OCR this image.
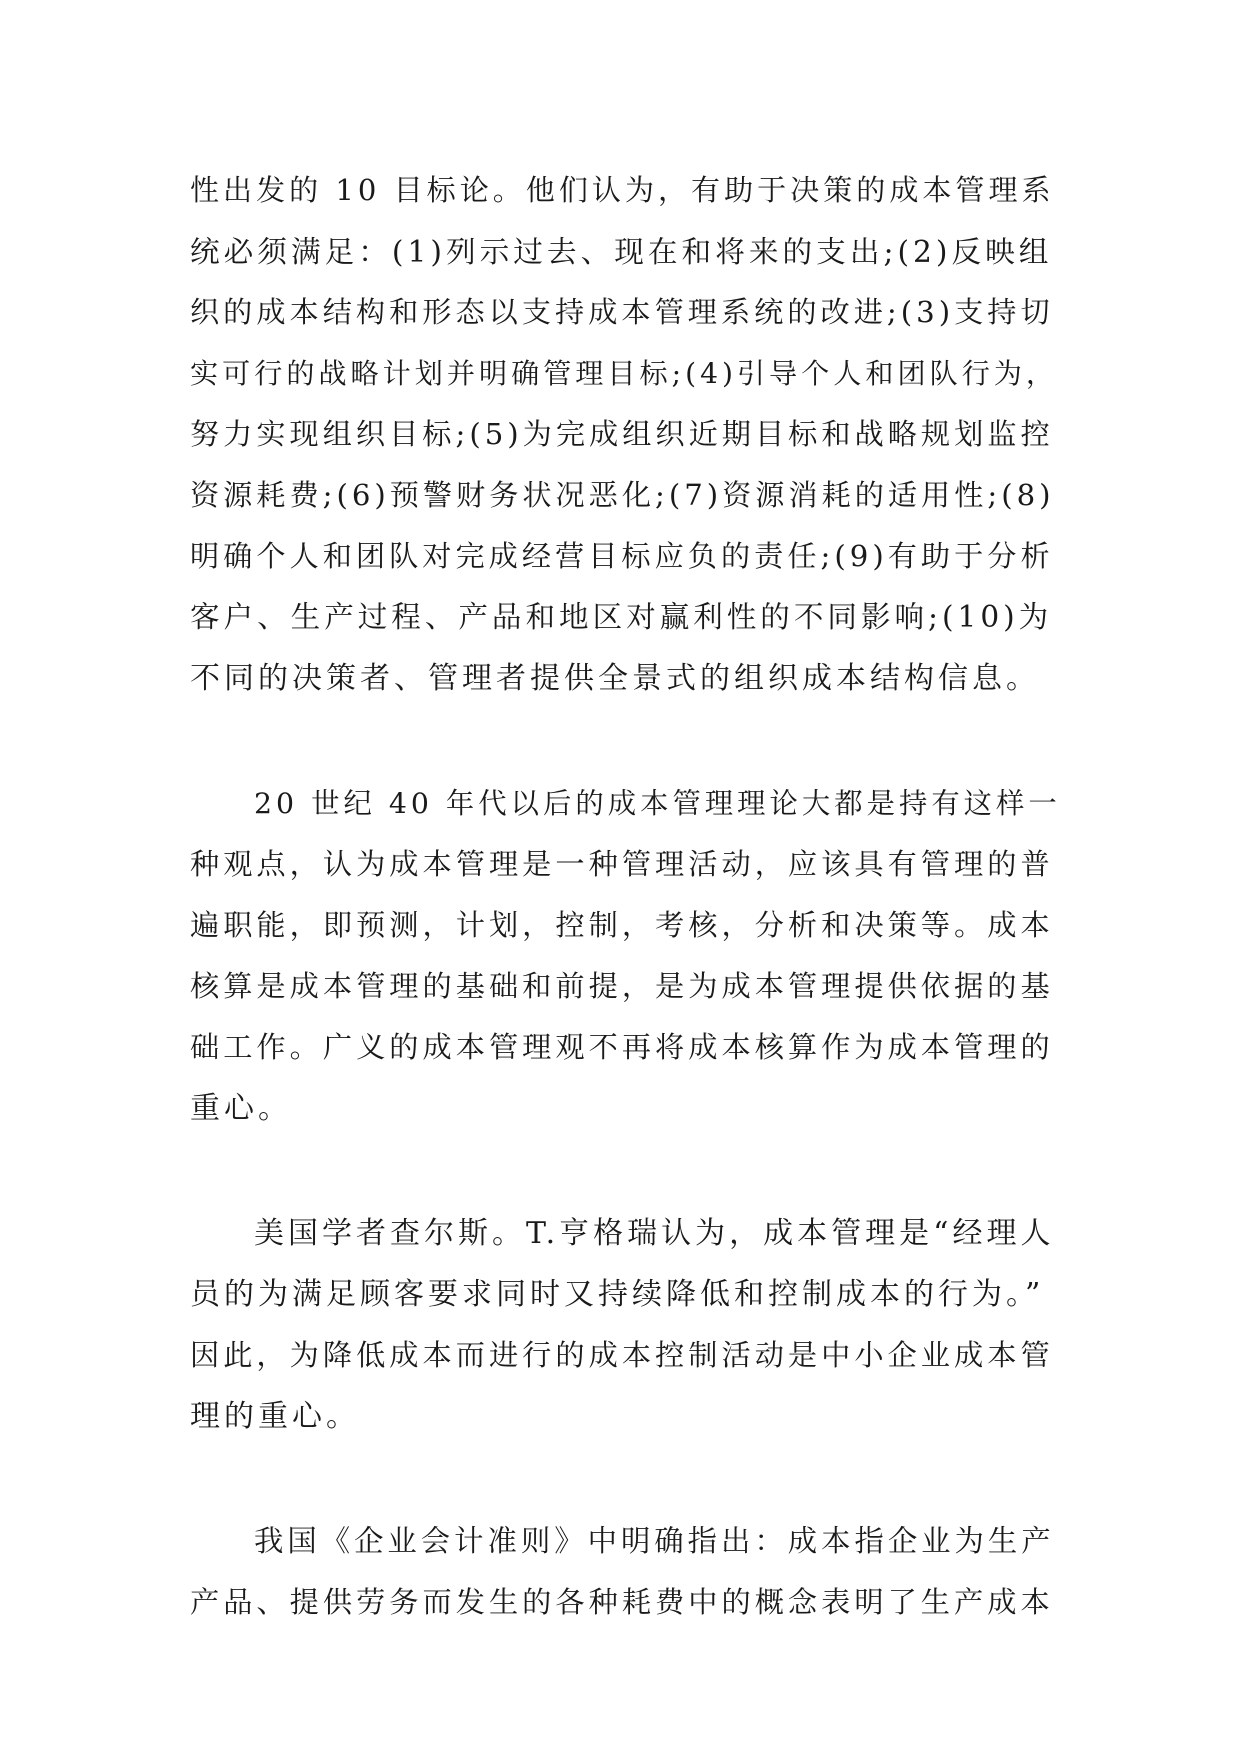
性出发的 10 目标论。他们认为，有助于决策的成本管理系
统必须满足：(1)列示过去、现在和将来的支出;(2)反映组
织的成本结构和形态以支持成本管理系统的改进;(3)支持切
实可行的战略计划并明确管理目标;(4)引导个人和团队行为，
努力实现组织目标;(5)为完成组织近期目标和战略规划监控
资源耗费;(6)预警财务状况恶化;(7)资源消耗的适用性;(8)
明确个人和团队对完成经营目标应负的责任;(9)有助于分析
客户、生产过程、产品和地区对赢利性的不同影响;(10)为
不同的决策者、管理者提供全景式的组织成本结构信息。
20 世纪 40 年代以后的成本管理理论大都是持有这样一
种观点，认为成本管理是一种管理活动，应该具有管理的普
遍职能，即预测，计划，控制，考核，分析和决策等。成本
核算是成本管理的基础和前提，是为成本管理提供依据的基
础工作。广义的成本管理观不再将成本核算作为成本管理的
重心。
美国学者查尔斯。T.亨格瑞认为，成本管理是“经理人
员的为满足顾客要求同时又持续降低和控制成本的行为。”
因此，为降低成本而进行的成本控制活动是中小企业成本管
理的重心。
我国《企业会计准则》中明确指出：成本指企业为生产
产品、提供劳务而发生的各种耗费中的概念表明了生产成本
